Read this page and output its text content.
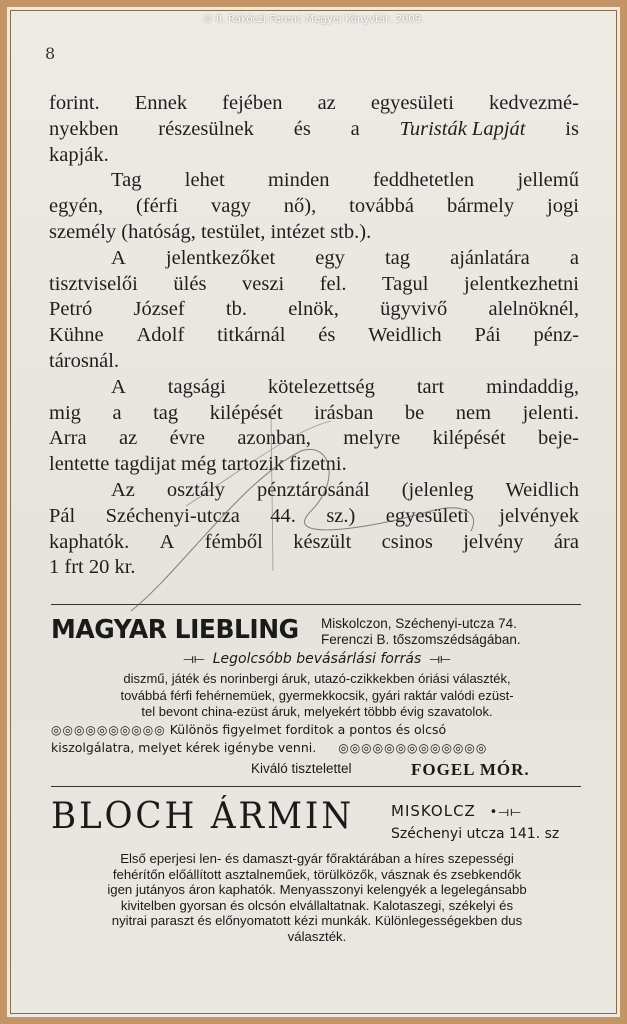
© II. Rákóczi Ferenc Megyei Könyvtár, 2009.
8
forint. Ennek fejében az egyesületi kedvezmé-
nyekben részesülnek és a Turisták Lapját is
kapják.
Tag lehet minden feddhetetlen jellemű
egyén, (férfi vagy nő), továbbá bármely jogi
személy (hatóság, testület, intézet stb.).
A jelentkezőket egy tag ajánlatára a
tisztviselői ülés veszi fel. Tagul jelentkezhetni
Petró József tb. elnök, ügyvivő alelnöknél,
Kühne Adolf titkárnál és Weidlich Pái pénz-
tárosnál.
A tagsági kötelezettség tart mindaddig,
mig a tag kilépését irásban be nem jelenti.
Arra az évre azonban, melyre kilépését beje-
lentette tagdijat még tartozik fizetni.
Az osztály pénztárosánál (jelenleg Weidlich
Pál Széchenyi-utcza 44. sz.) egyesületi jelvények
kaphatók. A fémből készült csinos jelvény ára
1 frt 20 kr.
MAGYAR LIEBLING Miskolczon, Széchenyi-utcza 74.
Ferenczi B. tőszomszédságában.
⟞⟝ Legolcsóbb bevásárlási forrás ⟞⟝
diszmű, játék és norinbergi áruk, utazó-czikkekben óriási választék,
továbbá férfi fehérnemüek, gyermekkocsik, gyári raktár valódi ezüst-
tel bevont china-ezüst áruk, melyekért többb évig szavatolok.
◎◎◎◎◎◎◎◎◎◎ Különös figyelmet forditok a pontos és olcsó
kiszolgálatra, melyet kérek igénybe venni. ◎◎◎◎◎◎◎◎◎◎◎◎◎
Kiváló tisztelettel	FOGEL MÓR.
BLOCH ÁRMIN MISKOLCZ •⟞⟝
Széchenyi utcza 141. sz
Első eperjesi len- és damaszt-gyár főraktárában a híres szepességi
fehérítőn előállított asztalneműek, törülközők, vásznak és zsebkendők
igen jutányos áron kaphatók. Menyasszonyi kelengyék a legelegánsabb
kivitelben gyorsan és olcsón elvállaltatnak. Kalotaszegi, székelyi és
nyitrai paraszt és előnyomatott kézi munkák. Különlegességekben dus
választék.
